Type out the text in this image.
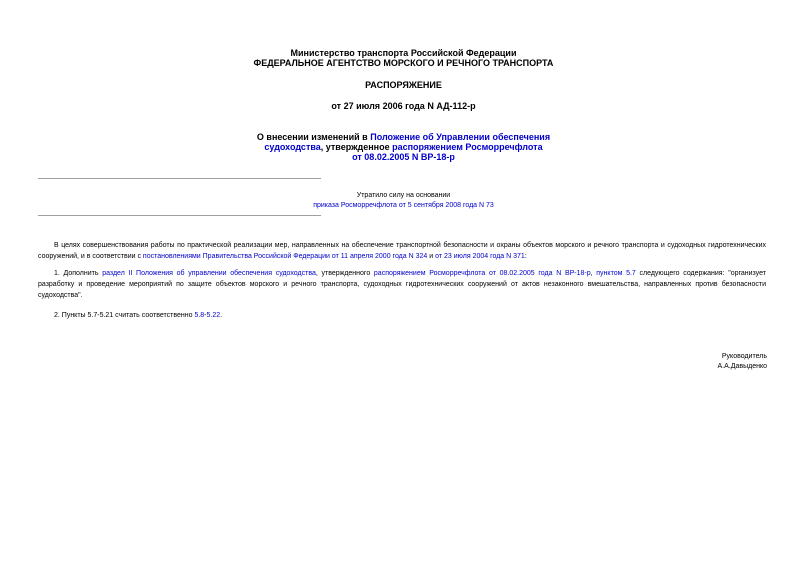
Министерство транспорта Российской Федерации
ФЕДЕРАЛЬНОЕ АГЕНТСТВО МОРСКОГО И РЕЧНОГО ТРАНСПОРТА
РАСПОРЯЖЕНИЕ
от 27 июля 2006 года N АД-112-р
О внесении изменений в Положение об Управлении обеспечения
судоходства, утвержденное распоряжением Росморречфлота
от 08.02.2005 N ВР-18-р
Утратило силу на основании
приказа Росморречфлота от 5 сентября 2008 года N 73
В целях совершенствования работы по практической реализации мер, направленных на обеспечение транспортной безопасности и охраны объектов морского и речного транспорта и судоходных гидротехнических сооружений, и в соответствии с постановлениями Правительства Российской Федерации от 11 апреля 2000 года N 324 и от 23 июля 2004 года N 371:
1. Дополнить раздел II Положения об управлении обеспечения судоходства, утвержденного распоряжением Росморречфлота от 08.02.2005 года N ВР-18-р, пунктом 5.7 следующего содержания: "организует разработку и проведение мероприятий по защите объектов морского и речного транспорта, судоходных гидротехнических сооружений от актов незаконного вмешательства, направленных против безопасности судоходства".
2. Пункты 5.7-5.21 считать соответственно 5.8-5.22.
Руководитель
А.А.Давыденко
